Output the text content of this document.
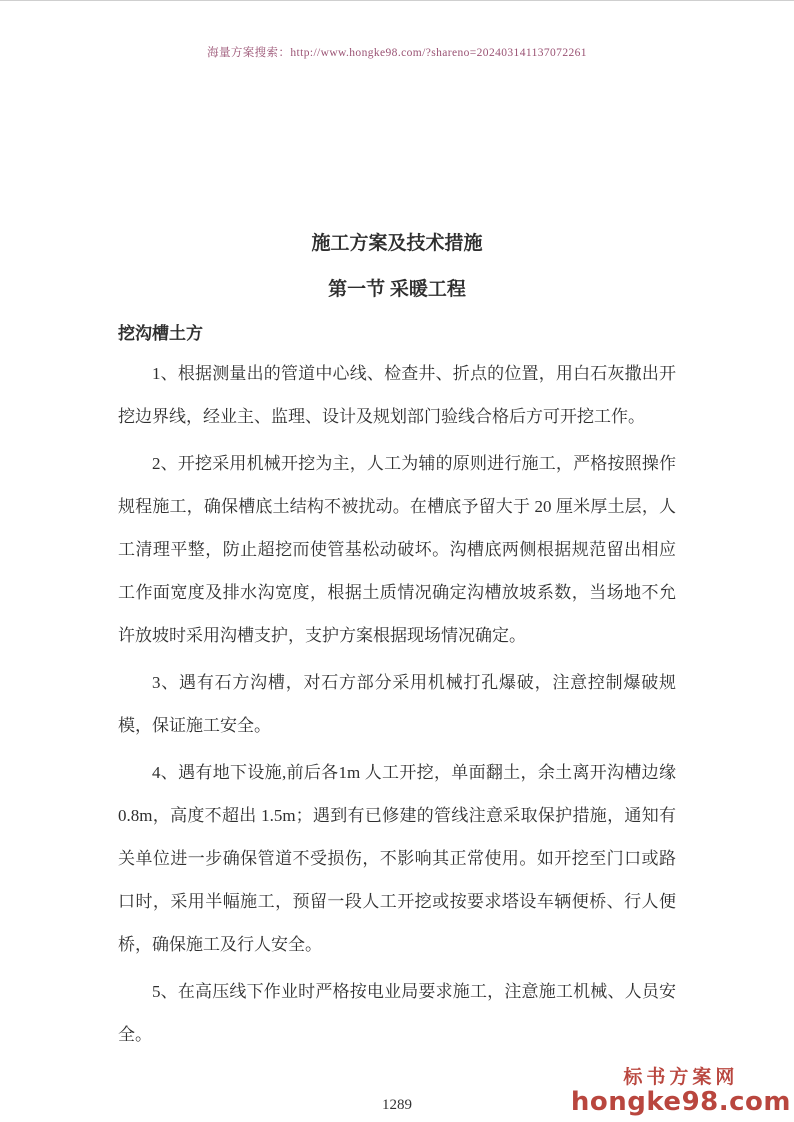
海量方案搜索：http://www.hongke98.com/?shareno=202403141137072261
施工方案及技术措施
第一节 采暖工程
挖沟槽土方

1、根据测量出的管道中心线、检查井、折点的位置，用白石灰撒出开挖边界线，经业主、监理、设计及规划部门验线合格后方可开挖工作。

2、开挖采用机械开挖为主，人工为辅的原则进行施工，严格按照操作规程施工，确保槽底土结构不被扰动。在槽底予留大于 20 厘米厚土层，人工清理平整，防止超挖而使管基松动破坏。沟槽底两侧根据规范留出相应工作面宽度及排水沟宽度，根据土质情况确定沟槽放坡系数，当场地不允许放坡时采用沟槽支护，支护方案根据现场情况确定。

3、遇有石方沟槽，对石方部分采用机械打孔爆破，注意控制爆破规模，保证施工安全。

4、遇有地下设施,前后各1m 人工开挖，单面翻土，余土离开沟槽边缘0.8m，高度不超出 1.5m；遇到有已修建的管线注意采取保护措施，通知有关单位进一步确保管道不受损伤，不影响其正常使用。如开挖至门口或路口时，采用半幅施工，预留一段人工开挖或按要求塔设车辆便桥、行人便桥，确保施工及行人安全。

5、在高压线下作业时严格按电业局要求施工，注意施工机械、人员安全。

1289
标书方案网
hongke98.com
